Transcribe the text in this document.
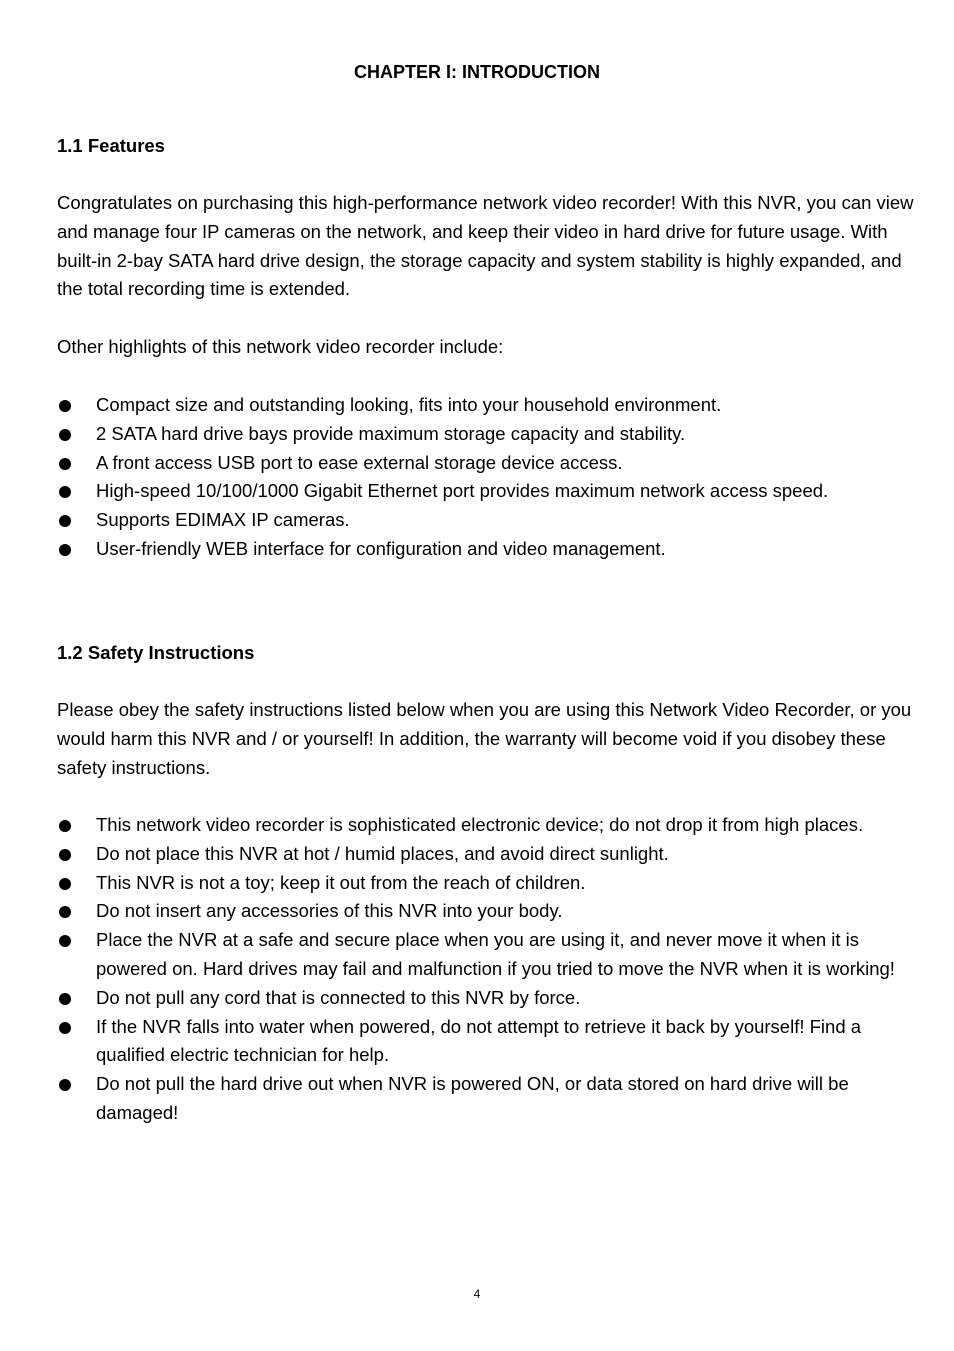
CHAPTER I: INTRODUCTION
1.1 Features

Congratulates on purchasing this high-performance network video recorder! With this NVR, you can view and manage four IP cameras on the network, and keep their video in hard drive for future usage. With built-in 2-bay SATA hard drive design, the storage capacity and system stability is highly expanded, and the total recording time is extended.

Other highlights of this network video recorder include:

Compact size and outstanding looking, fits into your household environment.
2 SATA hard drive bays provide maximum storage capacity and stability.
A front access USB port to ease external storage device access.
High-speed 10/100/1000 Gigabit Ethernet port provides maximum network access speed.
Supports EDIMAX IP cameras.
User-friendly WEB interface for configuration and video management.
1.2 Safety Instructions

Please obey the safety instructions listed below when you are using this Network Video Recorder, or you would harm this NVR and / or yourself! In addition, the warranty will become void if you disobey these safety instructions.

This network video recorder is sophisticated electronic device; do not drop it from high places.
Do not place this NVR at hot / humid places, and avoid direct sunlight.
This NVR is not a toy; keep it out from the reach of children.
Do not insert any accessories of this NVR into your body.
Place the NVR at a safe and secure place when you are using it, and never move it when it is powered on. Hard drives may fail and malfunction if you tried to move the NVR when it is working!
Do not pull any cord that is connected to this NVR by force.
If the NVR falls into water when powered, do not attempt to retrieve it back by yourself! Find a qualified electric technician for help.
Do not pull the hard drive out when NVR is powered ON, or data stored on hard drive will be damaged!
4
